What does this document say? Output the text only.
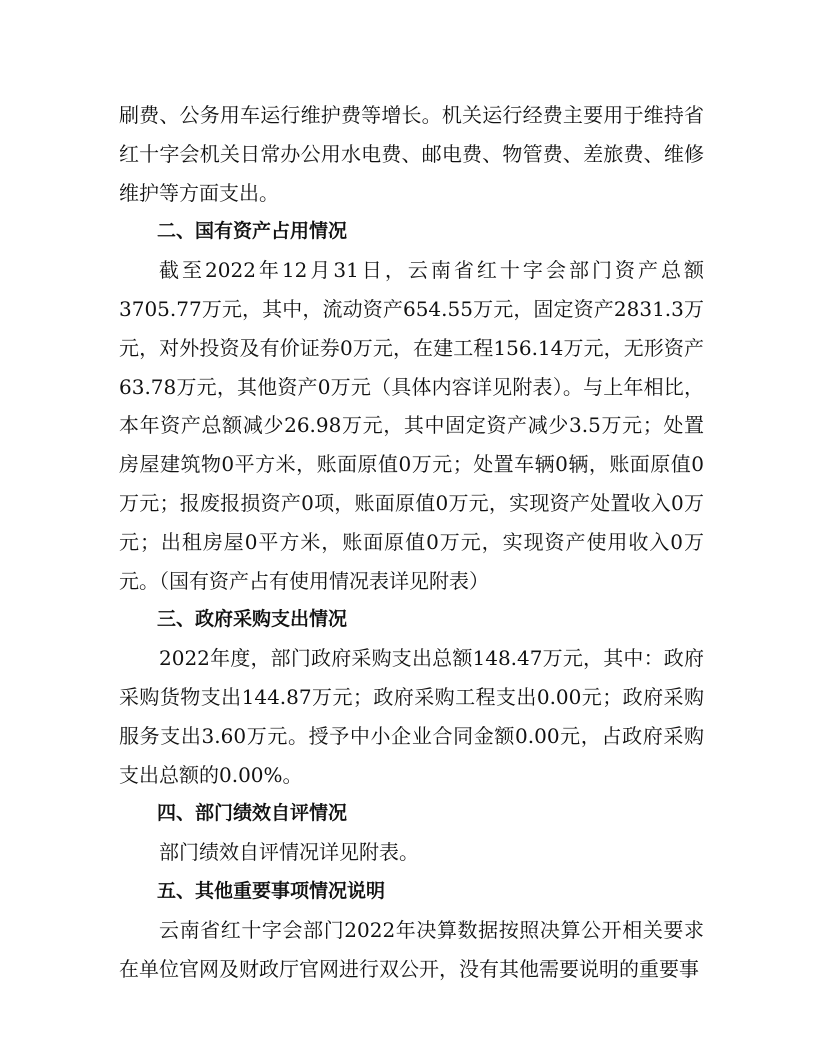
刷费、公务用车运行维护费等增长。机关运行经费主要用于维持省红十字会机关日常办公用水电费、邮电费、物管费、差旅费、维修维护等方面支出。

二、国有资产占用情况

截至2022年12月31日，云南省红十字会部门资产总额3705.77万元，其中，流动资产654.55万元，固定资产2831.3万元，对外投资及有价证券0万元，在建工程156.14万元，无形资产63.78万元，其他资产0万元（具体内容详见附表）。与上年相比，本年资产总额减少26.98万元，其中固定资产减少3.5万元；处置房屋建筑物0平方米，账面原值0万元；处置车辆0辆，账面原值0万元；报废报损资产0项，账面原值0万元，实现资产处置收入0万元；出租房屋0平方米，账面原值0万元，实现资产使用收入0万元。（国有资产占有使用情况表详见附表）

三、政府采购支出情况

2022年度，部门政府采购支出总额148.47万元，其中：政府采购货物支出144.87万元；政府采购工程支出0.00元；政府采购服务支出3.60万元。授予中小企业合同金额0.00元，占政府采购支出总额的0.00%。

四、部门绩效自评情况

部门绩效自评情况详见附表。

五、其他重要事项情况说明

云南省红十字会部门2022年决算数据按照决算公开相关要求在单位官网及财政厅官网进行双公开，没有其他需要说明的重要事
